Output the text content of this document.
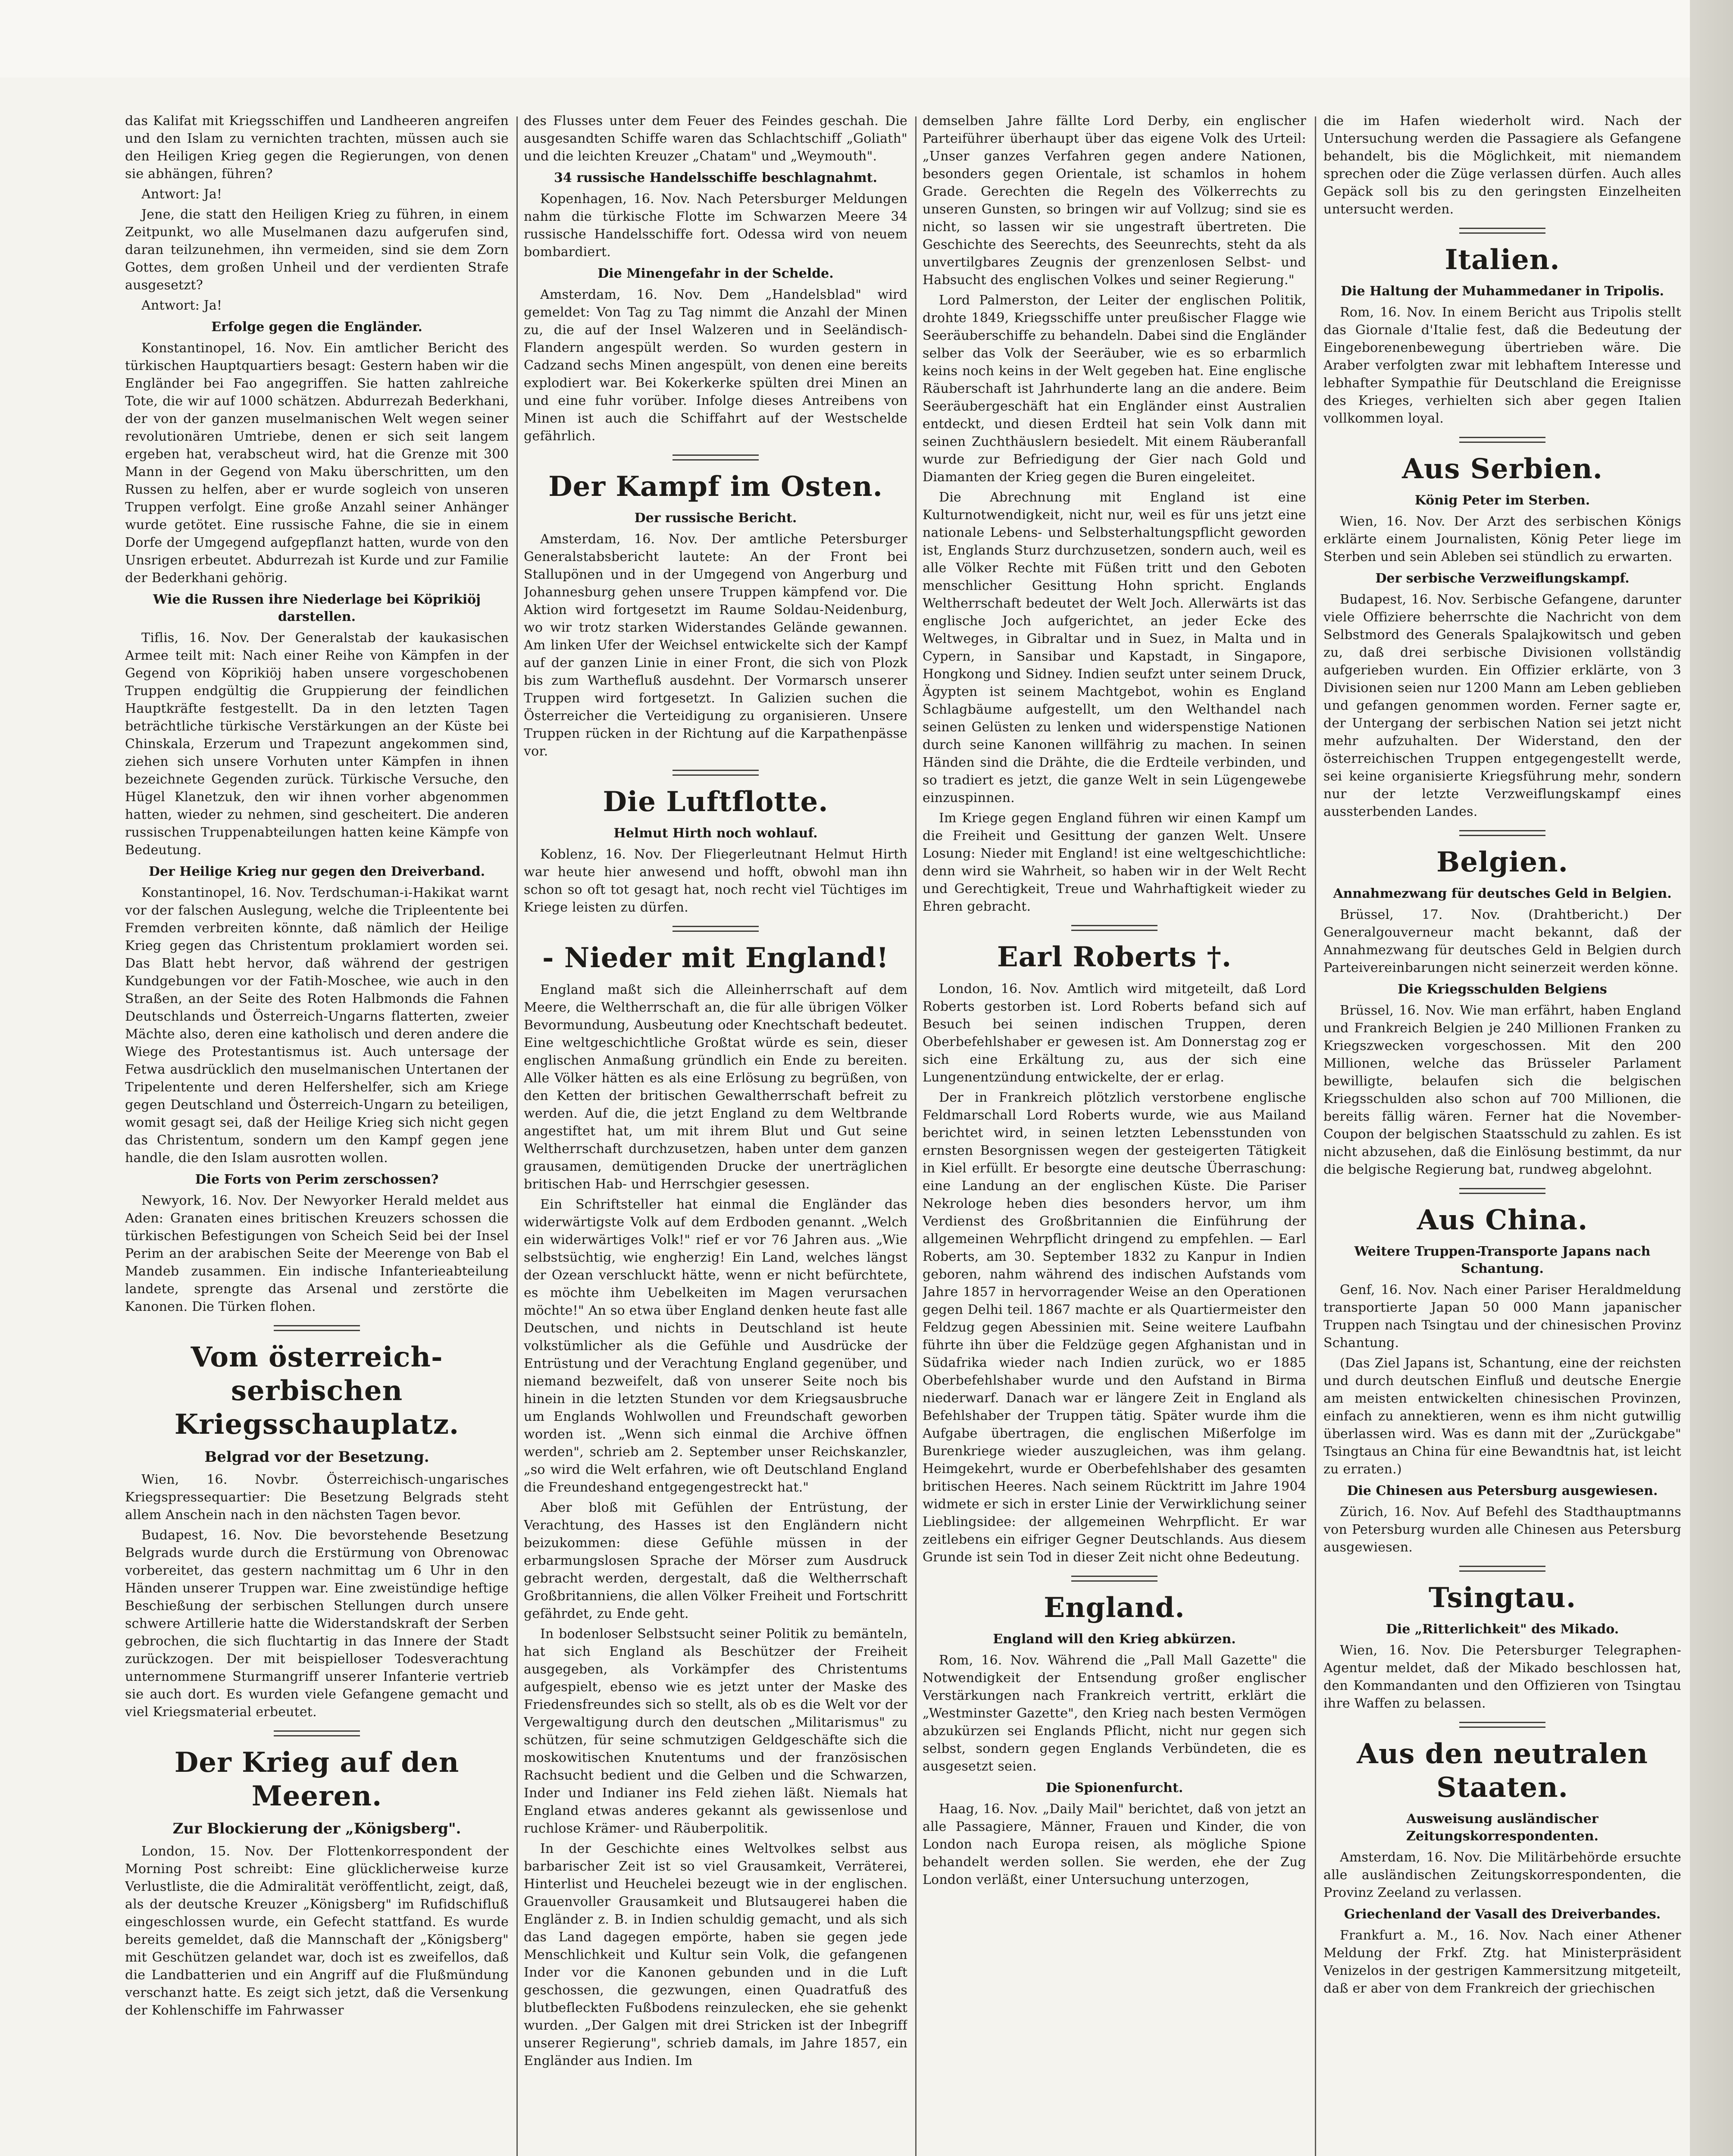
das Kalifat mit Kriegsschiffen und Landheeren angreifen und den Islam zu vernichten trachten, müssen auch sie den Heiligen Krieg gegen die Regierungen, von denen sie abhängen, führen?

Antwort: Ja!

Jene, die statt den Heiligen Krieg zu führen, in einem Zeitpunkt, wo alle Muselmanen dazu aufgerufen sind, daran teilzunehmen, ihn vermeiden, sind sie dem Zorn Gottes, dem großen Unheil und der verdienten Strafe ausgesetzt?

Antwort: Ja!

Erfolge gegen die Engländer.

Konstantinopel, 16. Nov. Ein amtlicher Bericht des türkischen Hauptquartiers besagt: Gestern haben wir die Engländer bei Fao angegriffen. Sie hatten zahlreiche Tote, die wir auf 1000 schätzen. Abdurrezah Bederkhani, der von der ganzen muselmanischen Welt wegen seiner revolutionären Umtriebe, denen er sich seit langem ergeben hat, verabscheut wird, hat die Grenze mit 300 Mann in der Gegend von Maku überschritten, um den Russen zu helfen, aber er wurde sogleich von unseren Truppen verfolgt. Eine große Anzahl seiner Anhänger wurde getötet. Eine russische Fahne, die sie in einem Dorfe der Umgegend aufgepflanzt hatten, wurde von den Unsrigen erbeutet. Abdurrezah ist Kurde und zur Familie der Bederkhani gehörig.

Wie die Russen ihre Niederlage bei Köprikiöj darstellen.

Tiflis, 16. Nov. Der Generalstab der kaukasischen Armee teilt mit: Nach einer Reihe von Kämpfen in der Gegend von Köprikiöj haben unsere vorgeschobenen Truppen endgültig die Gruppierung der feindlichen Hauptkräfte festgestellt. Da in den letzten Tagen beträchtliche türkische Verstärkungen an der Küste bei Chinskala, Erzerum und Trapezunt angekommen sind, ziehen sich unsere Vorhuten unter Kämpfen in ihnen bezeichnete Gegenden zurück. Türkische Versuche, den Hügel Klanetzuk, den wir ihnen vorher abgenommen hatten, wieder zu nehmen, sind gescheitert. Die anderen russischen Truppenabteilungen hatten keine Kämpfe von Bedeutung.

Der Heilige Krieg nur gegen den Dreiverband.

Konstantinopel, 16. Nov. Terdschuman-i-Hakikat warnt vor der falschen Auslegung, welche die Tripleentente bei Fremden verbreiten könnte, daß nämlich der Heilige Krieg gegen das Christentum proklamiert worden sei. Das Blatt hebt hervor, daß während der gestrigen Kundgebungen vor der Fatih-Moschee, wie auch in den Straßen, an der Seite des Roten Halbmonds die Fahnen Deutschlands und Österreich-Ungarns flatterten, zweier Mächte also, deren eine katholisch und deren andere die Wiege des Protestantismus ist. Auch untersage der Fetwa ausdrücklich den muselmanischen Untertanen der Tripelentente und deren Helfershelfer, sich am Kriege gegen Deutschland und Österreich-Ungarn zu beteiligen, womit gesagt sei, daß der Heilige Krieg sich nicht gegen das Christentum, sondern um den Kampf gegen jene handle, die den Islam ausrotten wollen.

Die Forts von Perim zerschossen?

Newyork, 16. Nov. Der Newyorker Herald meldet aus Aden: Granaten eines britischen Kreuzers schossen die türkischen Befestigungen von Scheich Seid bei der Insel Perim an der arabischen Seite der Meerenge von Bab el Mandeb zusammen. Ein indische Infanterieabteilung landete, sprengte das Arsenal und zerstörte die Kanonen. Die Türken flohen.

Vom österreich-serbischen Kriegsschauplatz.
Belgrad vor der Besetzung.

Wien, 16. Novbr. Österreichisch-ungarisches Kriegspressequartier: Die Besetzung Belgrads steht allem Anschein nach in den nächsten Tagen bevor.

Budapest, 16. Nov. Die bevorstehende Besetzung Belgrads wurde durch die Erstürmung von Obrenowac vorbereitet, das gestern nachmittag um 6 Uhr in den Händen unserer Truppen war. Eine zweistündige heftige Beschießung der serbischen Stellungen durch unsere schwere Artillerie hatte die Widerstandskraft der Serben gebrochen, die sich fluchtartig in das Innere der Stadt zurückzogen. Der mit beispielloser Todesverachtung unternommene Sturmangriff unserer Infanterie vertrieb sie auch dort. Es wurden viele Gefangene gemacht und viel Kriegsmaterial erbeutet.

Der Krieg auf den Meeren.
Zur Blockierung der „Königsberg".

London, 15. Nov. Der Flottenkorrespondent der Morning Post schreibt: Eine glücklicherweise kurze Verlustliste, die die Admiralität veröffentlicht, zeigt, daß, als der deutsche Kreuzer „Königsberg" im Rufidschifluß eingeschlossen wurde, ein Gefecht stattfand. Es wurde bereits gemeldet, daß die Mannschaft der „Königsberg" mit Geschützen gelandet war, doch ist es zweifellos, daß die Landbatterien und ein Angriff auf die Flußmündung verschanzt hatte. Es zeigt sich jetzt, daß die Versenkung der Kohlenschiffe im Fahrwasser

des Flusses unter dem Feuer des Feindes geschah. Die ausgesandten Schiffe waren das Schlachtschiff „Goliath" und die leichten Kreuzer „Chatam" und „Weymouth".

34 russische Handelsschiffe beschlagnahmt.

Kopenhagen, 16. Nov. Nach Petersburger Meldungen nahm die türkische Flotte im Schwarzen Meere 34 russische Handelsschiffe fort. Odessa wird von neuem bombardiert.

Die Minengefahr in der Schelde.

Amsterdam, 16. Nov. Dem „Handelsblad" wird gemeldet: Von Tag zu Tag nimmt die Anzahl der Minen zu, die auf der Insel Walzeren und in Seeländisch-Flandern angespült werden. So wurden gestern in Cadzand sechs Minen angespült, von denen eine bereits explodiert war. Bei Kokerkerke spülten drei Minen an und eine fuhr vorüber. Infolge dieses Antreibens von Minen ist auch die Schiffahrt auf der Westschelde gefährlich.

Der Kampf im Osten.
Der russische Bericht.

Amsterdam, 16. Nov. Der amtliche Petersburger Generalstabsbericht lautete: An der Front bei Stallupönen und in der Umgegend von Angerburg und Johannesburg gehen unsere Truppen kämpfend vor. Die Aktion wird fortgesetzt im Raume Soldau-Neidenburg, wo wir trotz starken Widerstandes Gelände gewannen. Am linken Ufer der Weichsel entwickelte sich der Kampf auf der ganzen Linie in einer Front, die sich von Plozk bis zum Warthefluß ausdehnt. Der Vormarsch unserer Truppen wird fortgesetzt. In Galizien suchen die Österreicher die Verteidigung zu organisieren. Unsere Truppen rücken in der Richtung auf die Karpathenpässe vor.

Die Luftflotte.
Helmut Hirth noch wohlauf.

Koblenz, 16. Nov. Der Fliegerleutnant Helmut Hirth war heute hier anwesend und hofft, obwohl man ihn schon so oft tot gesagt hat, noch recht viel Tüchtiges im Kriege leisten zu dürfen.

- Nieder mit England!

England maßt sich die Alleinherrschaft auf dem Meere, die Weltherrschaft an, die für alle übrigen Völker Bevormundung, Ausbeutung oder Knechtschaft bedeutet. Eine weltgeschichtliche Großtat würde es sein, dieser englischen Anmaßung gründlich ein Ende zu bereiten. Alle Völker hätten es als eine Erlösung zu begrüßen, von den Ketten der britischen Gewaltherrschaft befreit zu werden. Auf die, die jetzt England zu dem Weltbrande angestiftet hat, um mit ihrem Blut und Gut seine Weltherrschaft durchzusetzen, haben unter dem ganzen grausamen, demütigenden Drucke der unerträglichen britischen Hab- und Herrschgier gesessen.

Ein Schriftsteller hat einmal die Engländer das widerwärtigste Volk auf dem Erdboden genannt. „Welch ein widerwärtiges Volk!" rief er vor 76 Jahren aus. „Wie selbstsüchtig, wie engherzig! Ein Land, welches längst der Ozean verschluckt hätte, wenn er nicht befürchtete, es möchte ihm Uebelkeiten im Magen verursachen möchte!" An so etwa über England denken heute fast alle Deutschen, und nichts in Deutschland ist heute volkstümlicher als die Gefühle und Ausdrücke der Entrüstung und der Verachtung England gegenüber, und niemand bezweifelt, daß von unserer Seite noch bis hinein in die letzten Stunden vor dem Kriegsausbruche um Englands Wohlwollen und Freundschaft geworben worden ist. „Wenn sich einmal die Archive öffnen werden", schrieb am 2. September unser Reichskanzler, „so wird die Welt erfahren, wie oft Deutschland England die Freundeshand entgegengestreckt hat."

Aber bloß mit Gefühlen der Entrüstung, der Verachtung, des Hasses ist den Engländern nicht beizukommen: diese Gefühle müssen in der erbarmungslosen Sprache der Mörser zum Ausdruck gebracht werden, dergestalt, daß die Weltherrschaft Großbritanniens, die allen Völker Freiheit und Fortschritt gefährdet, zu Ende geht.

In bodenloser Selbstsucht seiner Politik zu bemänteln, hat sich England als Beschützer der Freiheit ausgegeben, als Vorkämpfer des Christentums aufgespielt, ebenso wie es jetzt unter der Maske des Friedensfreundes sich so stellt, als ob es die Welt vor der Vergewaltigung durch den deutschen „Militarismus" zu schützen, für seine schmutzigen Geldgeschäfte sich die moskowitischen Knutentums und der französischen Rachsucht bedient und die Gelben und die Schwarzen, Inder und Indianer ins Feld ziehen läßt. Niemals hat England etwas anderes gekannt als gewissenlose und ruchlose Krämer- und Räuberpolitik.

In der Geschichte eines Weltvolkes selbst aus barbarischer Zeit ist so viel Grausamkeit, Verräterei, Hinterlist und Heuchelei bezeugt wie in der englischen. Grauenvoller Grausamkeit und Blutsaugerei haben die Engländer z. B. in Indien schuldig gemacht, und als sich das Land dagegen empörte, haben sie gegen jede Menschlichkeit und Kultur sein Volk, die gefangenen Inder vor die Kanonen gebunden und in die Luft geschossen, die gezwungen, einen Quadratfuß des blutbefleckten Fußbodens reinzulecken, ehe sie gehenkt wurden. „Der Galgen mit drei Stricken ist der Inbegriff unserer Regierung", schrieb damals, im Jahre 1857, ein Engländer aus Indien. Im

demselben Jahre fällte Lord Derby, ein englischer Parteiführer überhaupt über das eigene Volk des Urteil: „Unser ganzes Verfahren gegen andere Nationen, besonders gegen Orientale, ist schamlos in hohem Grade. Gerechten die Regeln des Völkerrechts zu unseren Gunsten, so bringen wir auf Vollzug; sind sie es nicht, so lassen wir sie ungestraft übertreten. Die Geschichte des Seerechts, des Seeunrechts, steht da als unvertilgbares Zeugnis der grenzenlosen Selbst- und Habsucht des englischen Volkes und seiner Regierung."

Lord Palmerston, der Leiter der englischen Politik, drohte 1849, Kriegsschiffe unter preußischer Flagge wie Seeräuberschiffe zu behandeln. Dabei sind die Engländer selber das Volk der Seeräuber, wie es so erbarmlich keins noch keins in der Welt gegeben hat. Eine englische Räuberschaft ist Jahrhunderte lang an die andere. Beim Seeräubergeschäft hat ein Engländer einst Australien entdeckt, und diesen Erdteil hat sein Volk dann mit seinen Zuchthäuslern besiedelt. Mit einem Räuberanfall wurde zur Befriedigung der Gier nach Gold und Diamanten der Krieg gegen die Buren eingeleitet.

Die Abrechnung mit England ist eine Kulturnotwendigkeit, nicht nur, weil es für uns jetzt eine nationale Lebens- und Selbsterhaltungspflicht geworden ist, Englands Sturz durchzusetzen, sondern auch, weil es alle Völker Rechte mit Füßen tritt und den Geboten menschlicher Gesittung Hohn spricht. Englands Weltherrschaft bedeutet der Welt Joch. Allerwärts ist das englische Joch aufgerichtet, an jeder Ecke des Weltweges, in Gibraltar und in Suez, in Malta und in Cypern, in Sansibar und Kapstadt, in Singapore, Hongkong und Sidney. Indien seufzt unter seinem Druck, Ägypten ist seinem Machtgebot, wohin es England Schlagbäume aufgestellt, um den Welthandel nach seinen Gelüsten zu lenken und widerspenstige Nationen durch seine Kanonen willfährig zu machen. In seinen Händen sind die Drähte, die die Erdteile verbinden, und so tradiert es jetzt, die ganze Welt in sein Lügengewebe einzuspinnen.

Im Kriege gegen England führen wir einen Kampf um die Freiheit und Gesittung der ganzen Welt. Unsere Losung: Nieder mit England! ist eine weltgeschichtliche: denn wird sie Wahrheit, so haben wir in der Welt Recht und Gerechtigkeit, Treue und Wahrhaftigkeit wieder zu Ehren gebracht.

Earl Roberts †.

London, 16. Nov. Amtlich wird mitgeteilt, daß Lord Roberts gestorben ist. Lord Roberts befand sich auf Besuch bei seinen indischen Truppen, deren Oberbefehlshaber er gewesen ist. Am Donnerstag zog er sich eine Erkältung zu, aus der sich eine Lungenentzündung entwickelte, der er erlag.

Der in Frankreich plötzlich verstorbene englische Feldmarschall Lord Roberts wurde, wie aus Mailand berichtet wird, in seinen letzten Lebensstunden von ernsten Besorgnissen wegen der gesteigerten Tätigkeit in Kiel erfüllt. Er besorgte eine deutsche Überraschung: eine Landung an der englischen Küste. Die Pariser Nekrologe heben dies besonders hervor, um ihm Verdienst des Großbritannien die Einführung der allgemeinen Wehrpflicht dringend zu empfehlen. — Earl Roberts, am 30. September 1832 zu Kanpur in Indien geboren, nahm während des indischen Aufstands vom Jahre 1857 in hervorragender Weise an den Operationen gegen Delhi teil. 1867 machte er als Quartiermeister den Feldzug gegen Abessinien mit. Seine weitere Laufbahn führte ihn über die Feldzüge gegen Afghanistan und in Südafrika wieder nach Indien zurück, wo er 1885 Oberbefehlshaber wurde und den Aufstand in Birma niederwarf. Danach war er längere Zeit in England als Befehlshaber der Truppen tätig. Später wurde ihm die Aufgabe übertragen, die englischen Mißerfolge im Burenkriege wieder auszugleichen, was ihm gelang. Heimgekehrt, wurde er Oberbefehlshaber des gesamten britischen Heeres. Nach seinem Rücktritt im Jahre 1904 widmete er sich in erster Linie der Verwirklichung seiner Lieblingsidee: der allgemeinen Wehrpflicht. Er war zeitlebens ein eifriger Gegner Deutschlands. Aus diesem Grunde ist sein Tod in dieser Zeit nicht ohne Bedeutung.

England.
England will den Krieg abkürzen.

Rom, 16. Nov. Während die „Pall Mall Gazette" die Notwendigkeit der Entsendung großer englischer Verstärkungen nach Frankreich vertritt, erklärt die „Westminster Gazette", den Krieg nach besten Vermögen abzukürzen sei Englands Pflicht, nicht nur gegen sich selbst, sondern gegen Englands Verbündeten, die es ausgesetzt seien.

Die Spionenfurcht.

Haag, 16. Nov. „Daily Mail" berichtet, daß von jetzt an alle Passagiere, Männer, Frauen und Kinder, die von London nach Europa reisen, als mögliche Spione behandelt werden sollen. Sie werden, ehe der Zug London verläßt, einer Untersuchung unterzogen,

die im Hafen wiederholt wird. Nach der Untersuchung werden die Passagiere als Gefangene behandelt, bis die Möglichkeit, mit niemandem sprechen oder die Züge verlassen dürfen. Auch alles Gepäck soll bis zu den geringsten Einzelheiten untersucht werden.

Italien.
Die Haltung der Muhammedaner in Tripolis.

Rom, 16. Nov. In einem Bericht aus Tripolis stellt das Giornale d'Italie fest, daß die Bedeutung der Eingeborenenbewegung übertrieben wäre. Die Araber verfolgten zwar mit lebhaftem Interesse und lebhafter Sympathie für Deutschland die Ereignisse des Krieges, verhielten sich aber gegen Italien vollkommen loyal.

Aus Serbien.
König Peter im Sterben.

Wien, 16. Nov. Der Arzt des serbischen Königs erklärte einem Journalisten, König Peter liege im Sterben und sein Ableben sei stündlich zu erwarten.

Der serbische Verzweiflungskampf.

Budapest, 16. Nov. Serbische Gefangene, darunter viele Offiziere beherrschte die Nachricht von dem Selbstmord des Generals Spalajkowitsch und geben zu, daß drei serbische Divisionen vollständig aufgerieben wurden. Ein Offizier erklärte, von 3 Divisionen seien nur 1200 Mann am Leben geblieben und gefangen genommen worden. Ferner sagte er, der Untergang der serbischen Nation sei jetzt nicht mehr aufzuhalten. Der Widerstand, den der österreichischen Truppen entgegengestellt werde, sei keine organisierte Kriegsführung mehr, sondern nur der letzte Verzweiflungskampf eines aussterbenden Landes.

Belgien.
Annahmezwang für deutsches Geld in Belgien.

Brüssel, 17. Nov. (Drahtbericht.) Der Generalgouverneur macht bekannt, daß der Annahmezwang für deutsches Geld in Belgien durch Parteivereinbarungen nicht seinerzeit werden könne.

Die Kriegsschulden Belgiens

Brüssel, 16. Nov. Wie man erfährt, haben England und Frankreich Belgien je 240 Millionen Franken zu Kriegszwecken vorgeschossen. Mit den 200 Millionen, welche das Brüsseler Parlament bewilligte, belaufen sich die belgischen Kriegsschulden also schon auf 700 Millionen, die bereits fällig wären. Ferner hat die November-Coupon der belgischen Staatsschuld zu zahlen. Es ist nicht abzusehen, daß die Einlösung bestimmt, da nur die belgische Regierung bat, rundweg abgelohnt.

Aus China.
Weitere Truppen-Transporte Japans nach Schantung.

Genf, 16. Nov. Nach einer Pariser Heraldmeldung transportierte Japan 50 000 Mann japanischer Truppen nach Tsingtau und der chinesischen Provinz Schantung.

(Das Ziel Japans ist, Schantung, eine der reichsten und durch deutschen Einfluß und deutsche Energie am meisten entwickelten chinesischen Provinzen, einfach zu annektieren, wenn es ihm nicht gutwillig überlassen wird. Was es dann mit der „Zurückgabe" Tsingtaus an China für eine Bewandtnis hat, ist leicht zu erraten.)

Die Chinesen aus Petersburg ausgewiesen.

Zürich, 16. Nov. Auf Befehl des Stadthauptmanns von Petersburg wurden alle Chinesen aus Petersburg ausgewiesen.

Tsingtau.
Die „Ritterlichkeit" des Mikado.

Wien, 16. Nov. Die Petersburger Telegraphen-Agentur meldet, daß der Mikado beschlossen hat, den Kommandanten und den Offizieren von Tsingtau ihre Waffen zu belassen.

Aus den neutralen Staaten.
Ausweisung ausländischer Zeitungskorrespondenten.

Amsterdam, 16. Nov. Die Militärbehörde ersuchte alle ausländischen Zeitungskorrespondenten, die Provinz Zeeland zu verlassen.

Griechenland der Vasall des Dreiverbandes.

Frankfurt a. M., 16. Nov. Nach einer Athener Meldung der Frkf. Ztg. hat Ministerpräsident Venizelos in der gestrigen Kammersitzung mitgeteilt, daß er aber von dem Frankreich der griechischen
